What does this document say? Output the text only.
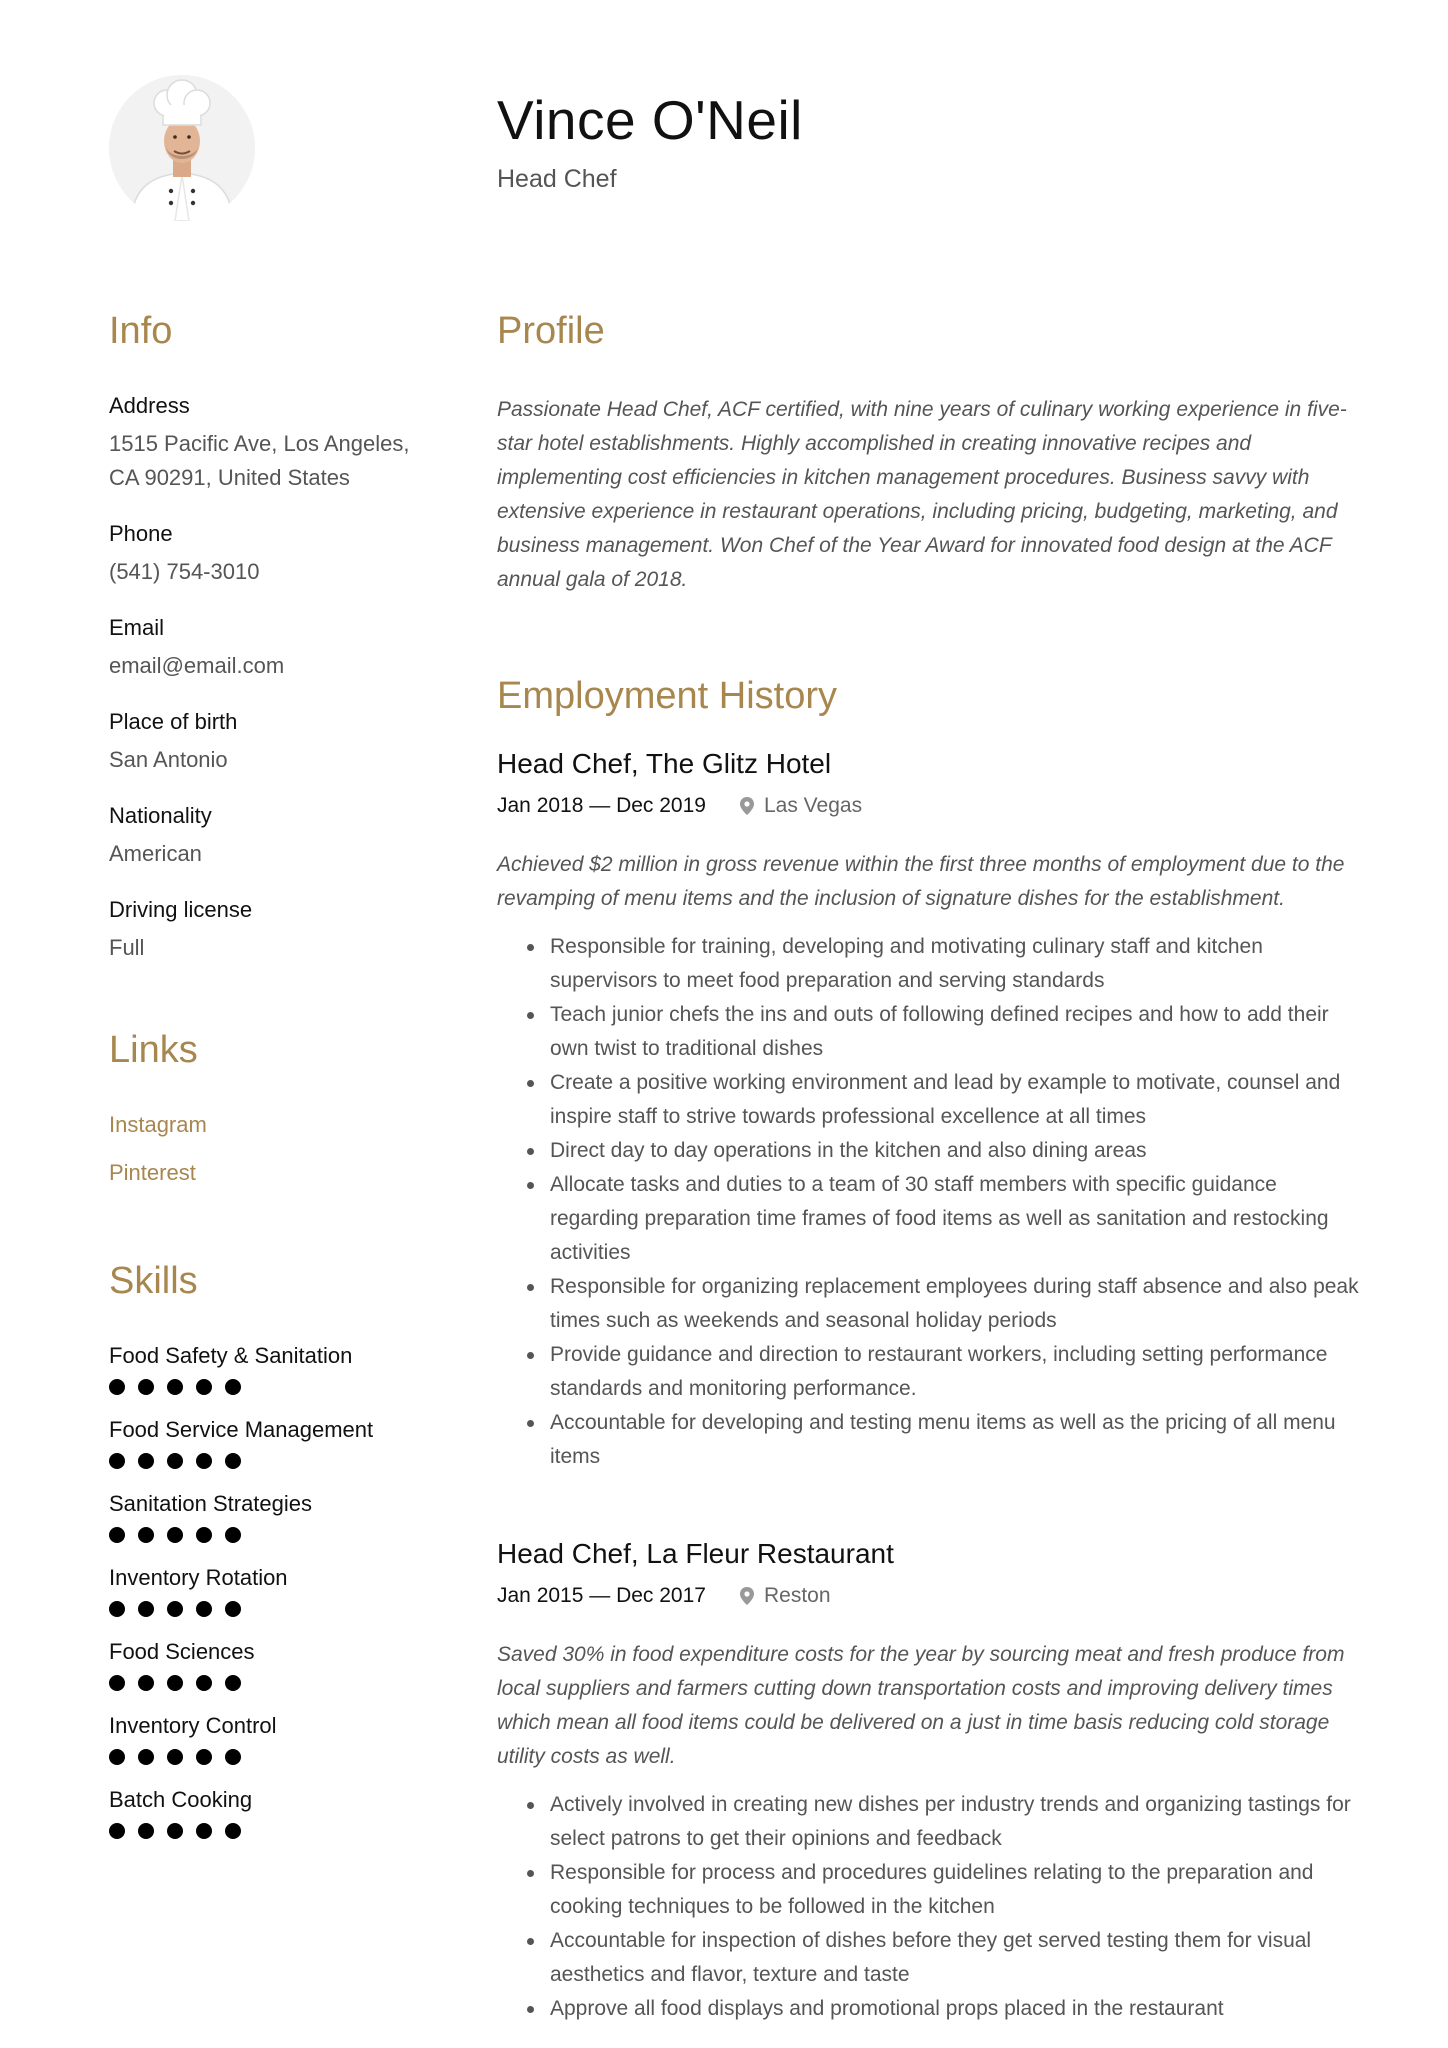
Vince O'Neil
Head Chef
Info
Address
1515 Pacific Ave, Los Angeles, CA 90291, United States
Phone
(541) 754-3010
Email
email@email.com
Place of birth
San Antonio
Nationality
American
Driving license
Full
Links
Instagram
Pinterest
Skills
Food Safety & Sanitation
Food Service Management
Sanitation Strategies
Inventory Rotation
Food Sciences
Inventory Control
Batch Cooking
Profile

Passionate Head Chef, ACF certified, with nine years of culinary working experience in five-star hotel establishments. Highly accomplished in creating innovative recipes and implementing cost efficiencies in kitchen management procedures. Business savvy with extensive experience in restaurant operations, including pricing, budgeting, marketing, and business management. Won Chef of the Year Award for innovated food design at the ACF annual gala of 2018.

Employment History
Head Chef, The Glitz Hotel
Jan 2018 — Dec 2019	Las Vegas

Achieved $2 million in gross revenue within the first three months of employment due to the revamping of menu items and the inclusion of signature dishes for the establishment.

Responsible for training, developing and motivating culinary staff and kitchen supervisors to meet food preparation and serving standards
Teach junior chefs the ins and outs of following defined recipes and how to add their own twist to traditional dishes
Create a positive working environment and lead by example to motivate, counsel and inspire staff to strive towards professional excellence at all times
Direct day to day operations in the kitchen and also dining areas
Allocate tasks and duties to a team of 30 staff members with specific guidance regarding preparation time frames of food items as well as sanitation and restocking activities
Responsible for organizing replacement employees during staff absence and also peak times such as weekends and seasonal holiday periods
Provide guidance and direction to restaurant workers, including setting performance standards and monitoring performance.
Accountable for developing and testing menu items as well as the pricing of all menu items
Head Chef, La Fleur Restaurant
Jan 2015 — Dec 2017	Reston

Saved 30% in food expenditure costs for the year by sourcing meat and fresh produce from local suppliers and farmers cutting down transportation costs and improving delivery times which mean all food items could be delivered on a just in time basis reducing cold storage utility costs as well.

Actively involved in creating new dishes per industry trends and organizing tastings for select patrons to get their opinions and feedback
Responsible for process and procedures guidelines relating to the preparation and cooking techniques to be followed in the kitchen
Accountable for inspection of dishes before they get served testing them for visual aesthetics and flavor, texture and taste
Approve all food displays and promotional props placed in the restaurant
